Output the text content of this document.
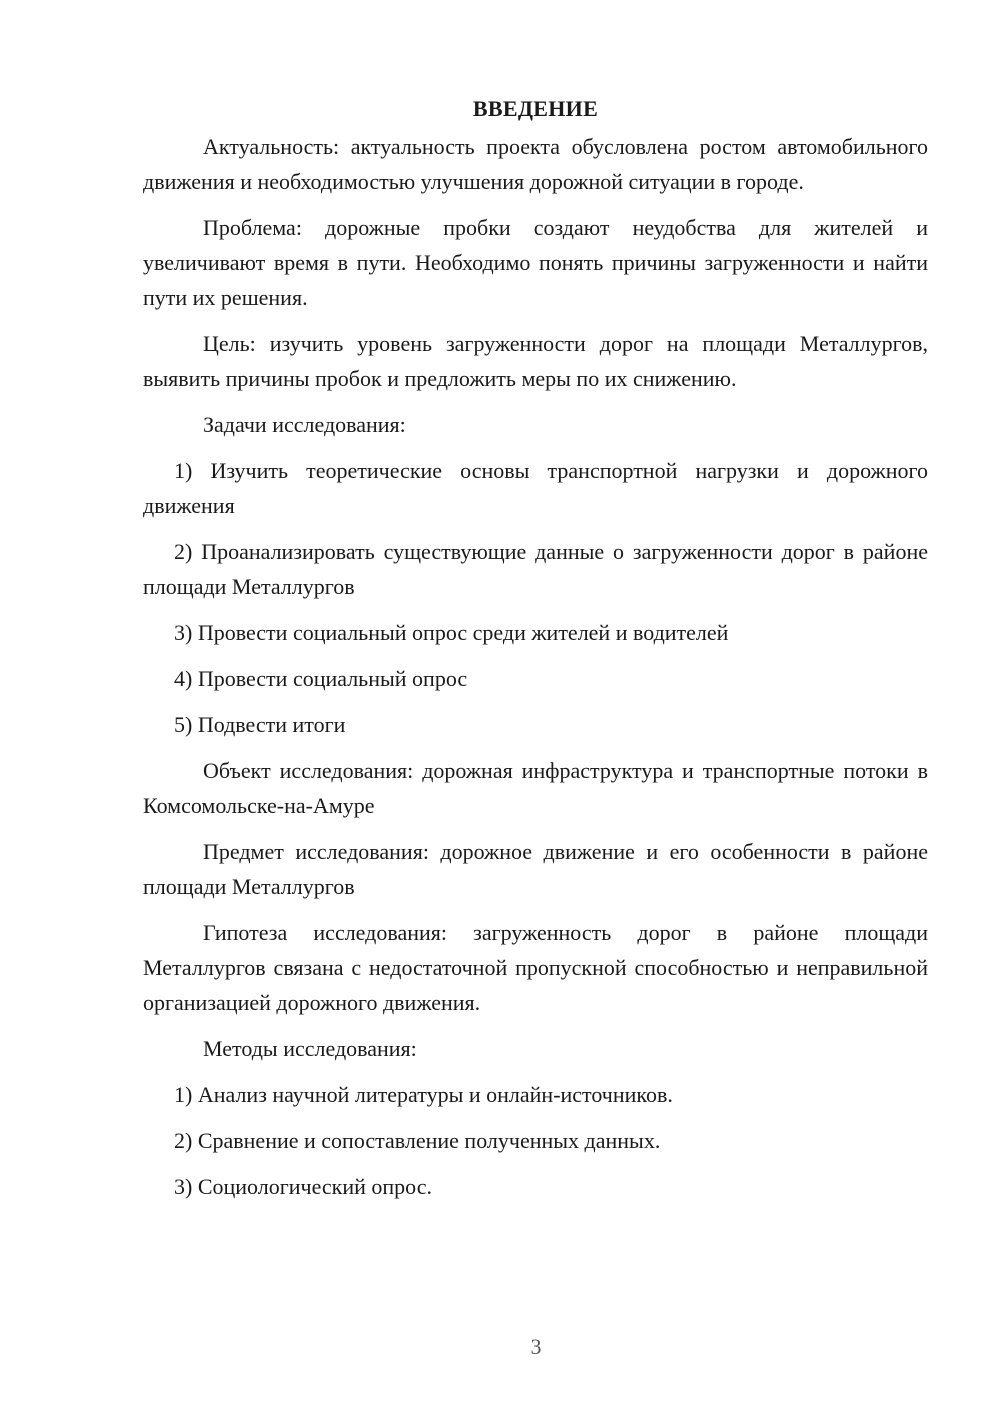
ВВЕДЕНИЕ

Актуальность: актуальность проекта обусловлена ростом автомобильного движения и необходимостью улучшения дорожной ситуации в городе.

Проблема: дорожные пробки создают неудобства для жителей и увеличивают время в пути. Необходимо понять причины загруженности и найти пути их решения.

Цель: изучить уровень загруженности дорог на площади Металлургов, выявить причины пробок и предложить меры по их снижению.

Задачи исследования:

1) Изучить теоретические основы транспортной нагрузки и дорожного движения

2) Проанализировать существующие данные о загруженности дорог в районе площади Металлургов

3) Провести социальный опрос среди жителей и водителей

4) Провести социальный опрос

5) Подвести итоги

Объект исследования: дорожная инфраструктура и транспортные потоки в Комсомольске-на-Амуре

Предмет исследования: дорожное движение и его особенности в районе площади Металлургов

Гипотеза исследования: загруженность дорог в районе площади Металлургов связана с недостаточной пропускной способностью и неправильной организацией дорожного движения.

Методы исследования:

1) Анализ научной литературы и онлайн-источников.

2) Сравнение и сопоставление полученных данных.

3) Социологический опрос.

3
